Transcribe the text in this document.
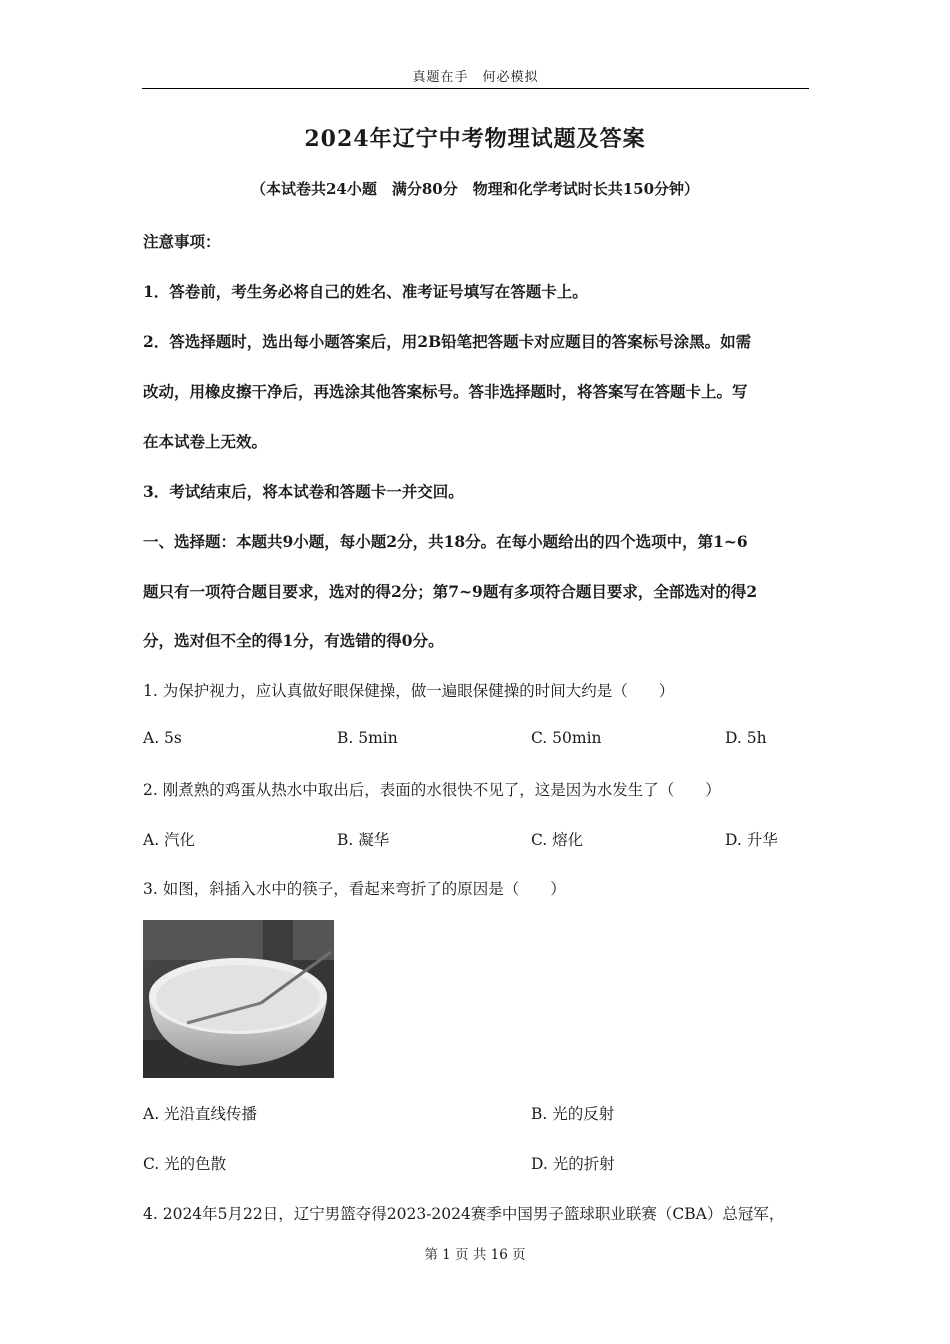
真题在手　何必模拟
2024年辽宁中考物理试题及答案
（本试卷共24小题　满分80分　物理和化学考试时长共150分钟）
注意事项：
1．答卷前，考生务必将自己的姓名、准考证号填写在答题卡上。
2．答选择题时，选出每小题答案后，用2B铅笔把答题卡对应题目的答案标号涂黑。如需
改动，用橡皮擦干净后，再选涂其他答案标号。答非选择题时，将答案写在答题卡上。写
在本试卷上无效。
3．考试结束后，将本试卷和答题卡一并交回。
一、选择题：本题共9小题，每小题2分，共18分。在每小题给出的四个选项中，第1~6
题只有一项符合题目要求，选对的得2分；第7~9题有多项符合题目要求，全部选对的得2
分，选对但不全的得1分，有选错的得0分。
1. 为保护视力，应认真做好眼保健操，做一遍眼保健操的时间大约是（　　）
A. 5s	B. 5min	C. 50min	D. 5h
2. 刚煮熟的鸡蛋从热水中取出后，表面的水很快不见了，这是因为水发生了（　　）
A. 汽化	B. 凝华	C. 熔化	D. 升华
3. 如图，斜插入水中的筷子，看起来弯折了的原因是（　　）
A. 光沿直线传播	B. 光的反射
C. 光的色散	D. 光的折射
4. 2024年5月22日，辽宁男篮夺得2023-2024赛季中国男子篮球职业联赛（CBA）总冠军，
第 1 页 共 16 页
